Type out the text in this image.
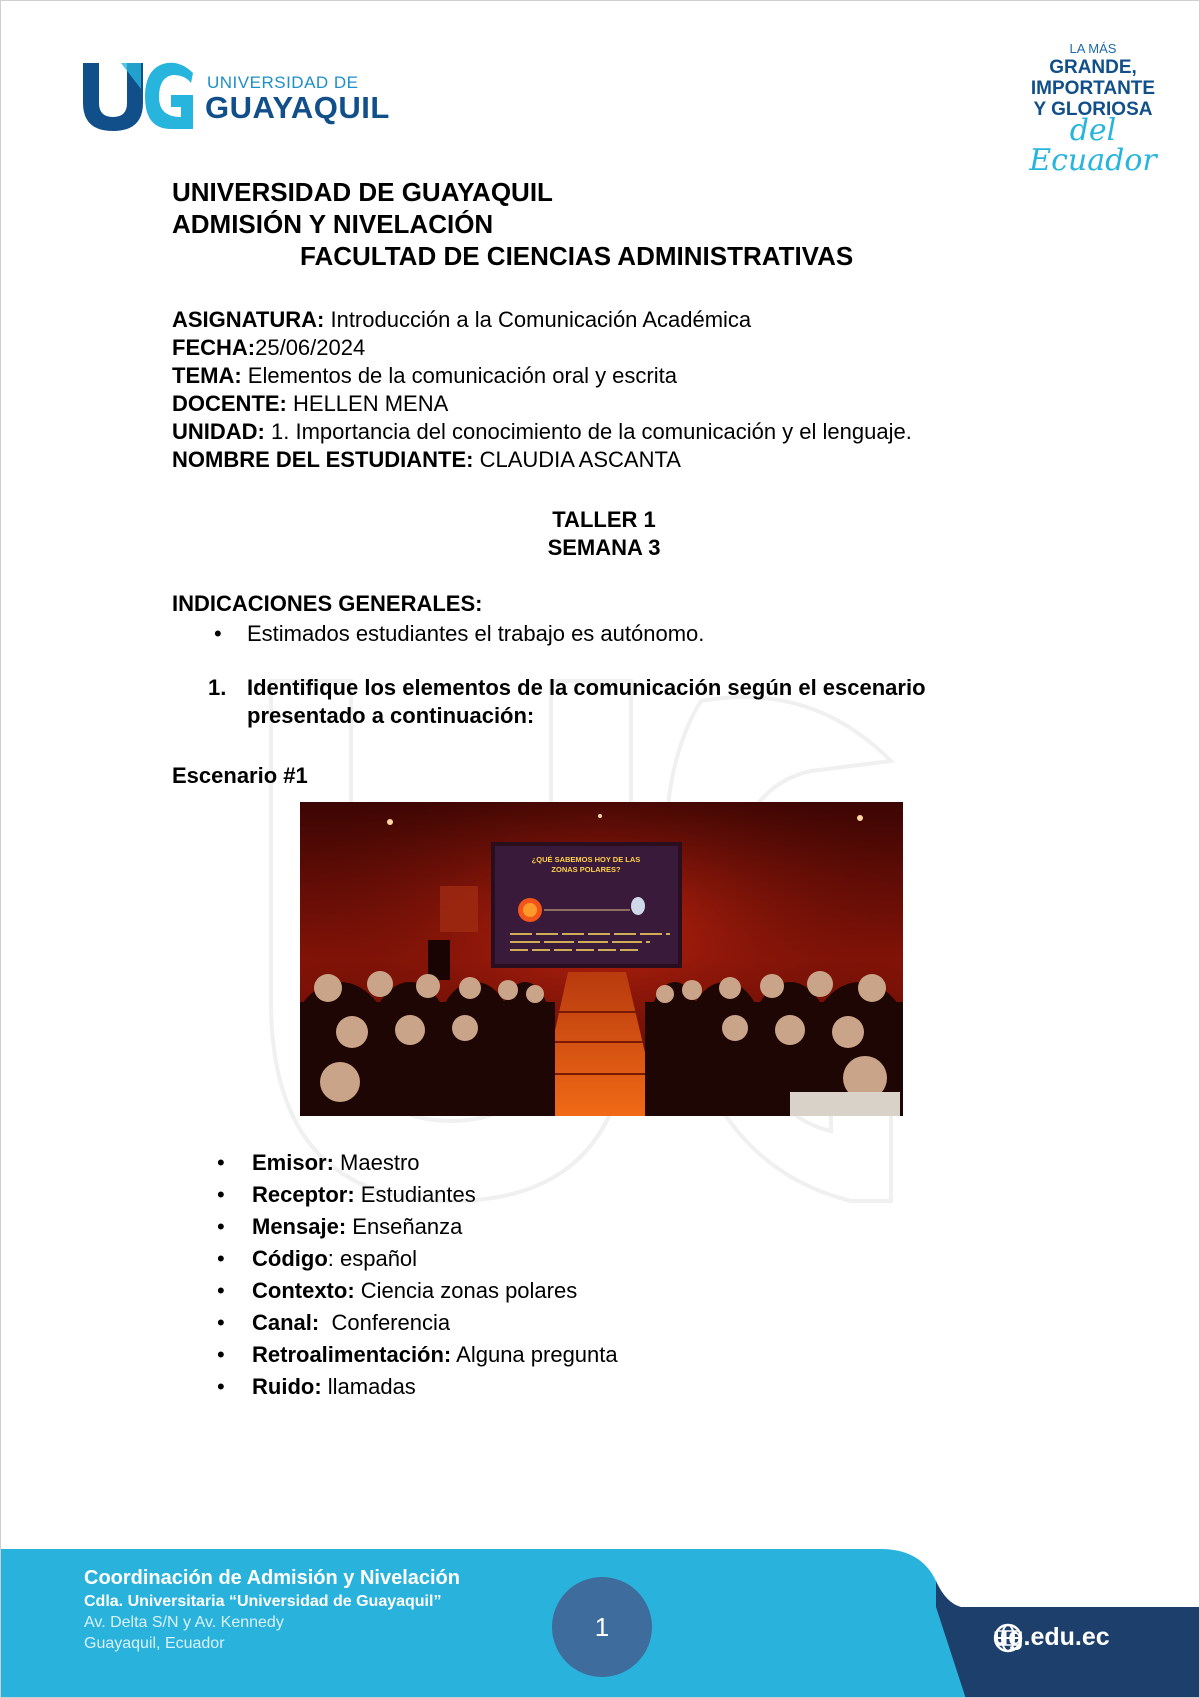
UNIVERSIDAD DE
GUAYAQUIL
LA MÁS
GRANDE,
IMPORTANTE
Y GLORIOSA
del Ecuador
UNIVERSIDAD DE GUAYAQUIL
ADMISIÓN Y NIVELACIÓN
FACULTAD DE CIENCIAS ADMINISTRATIVAS
ASIGNATURA: Introducción a la Comunicación Académica
FECHA:25/06/2024
TEMA: Elementos de la comunicación oral y escrita
DOCENTE: HELLEN MENA
UNIDAD: 1. Importancia del conocimiento de la comunicación y el lenguaje.
NOMBRE DEL ESTUDIANTE: CLAUDIA ASCANTA
TALLER 1
SEMANA 3
INDICACIONES GENERALES:
• Estimados estudiantes el trabajo es autónomo.
1. Identifique los elementos de la comunicación según el escenario presentado a continuación:
Escenario #1
¿QUÉ SABEMOS HOY DE LAS
ZONAS POLARES?
• Emisor: Maestro
• Receptor: Estudiantes
• Mensaje: Enseñanza
• Código: español
• Contexto: Ciencia zonas polares
• Canal:  Conferencia
• Retroalimentación: Alguna pregunta
• Ruido: llamadas
Coordinación de Admisión y Nivelación
Cdla. Universitaria “Universidad de Guayaquil”
Av. Delta S/N y Av. Kennedy
Guayaquil, Ecuador
1	ug.edu.ec
